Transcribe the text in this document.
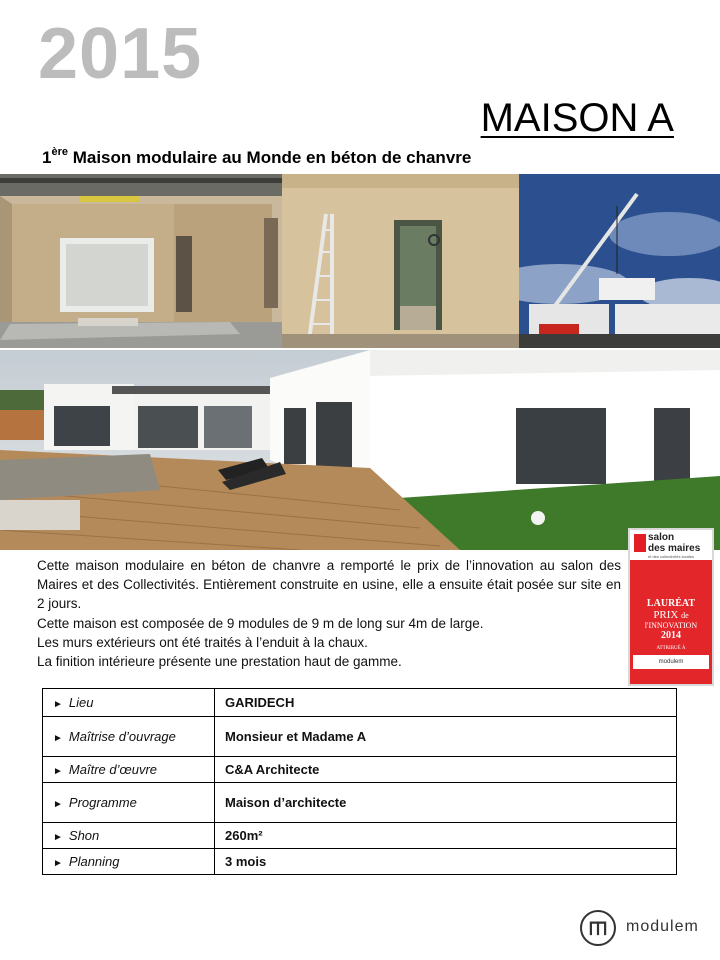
2015
MAISON A
1ère Maison modulaire au Monde en béton de chanvre
salon
des maires
et des collectivités locales
LAURÉAT
PRIX de
l'INNOVATION
2014
ATTRIBUÉ À
modulem

Cette maison modulaire en béton de chanvre a remporté le prix de l’innovation au salon des Maires et des Collectivités. Entièrement construite en usine, elle a ensuite était posée sur site en 2 jours.

Cette maison est composée de 9 modules de 9 m de long sur 4m de large.

Les murs extérieurs ont été traités à l’enduit à la chaux.

La finition intérieure présente une prestation haut de gamme.

► Lieu	GARIDECH
► Maîtrise d’ouvrage	Monsieur et Madame A
► Maître d’œuvre	C&A Architecte
► Programme	Maison d’architecte
► Shon	260m²
► Planning	3 mois
modulem
